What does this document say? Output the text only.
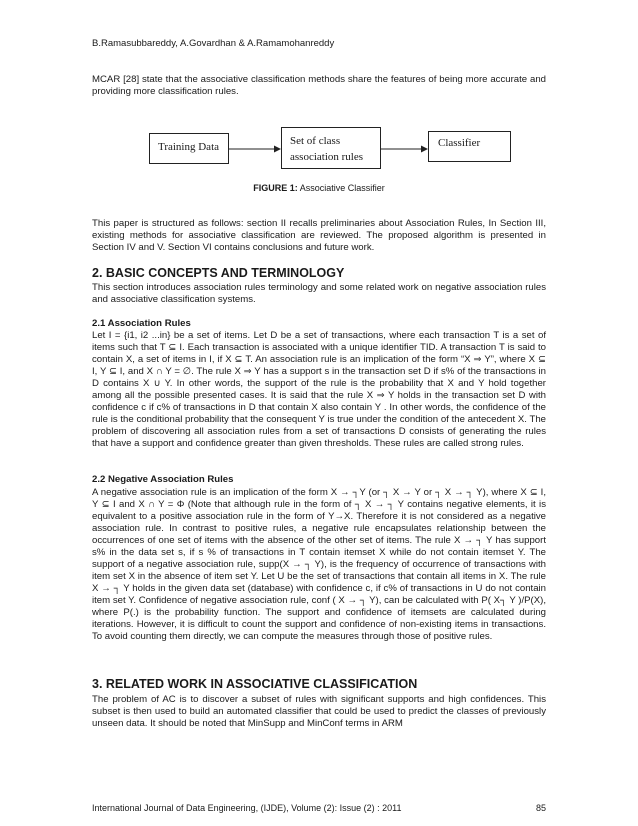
B.Ramasubbareddy, A.Govardhan & A.Ramamohanreddy

MCAR [28] state that the associative classification methods share the features of being more accurate and providing more classification rules.

Training Data	Set of class
association rules
Classifier
FIGURE 1: Associative Classifier

This paper is structured as follows: section II recalls preliminaries about Association Rules, In Section III, existing methods for associative classification are reviewed. The proposed algorithm is presented in Section IV and V. Section VI contains conclusions and future work.

2. BASIC CONCEPTS AND TERMINOLOGY

This section introduces association rules terminology and some related work on negative association rules and associative classification systems.

2.1 Association Rules

Let I = {i1, i2 ...in} be a set of items. Let D be a set of transactions, where each transaction T is a set of items such that T ⊆ I. Each transaction is associated with a unique identifier TID. A transaction T is said to contain X, a set of items in I, if X ⊆ T. An association rule is an implication of the form “X ⇒ Y”, where X ⊆ I, Y ⊆ I, and X ∩ Y = ∅. The rule X ⇒ Y has a support s in the transaction set D if s% of the transactions in D contains X ∪ Y. In other words, the support of the rule is the probability that X and Y hold together among all the possible presented cases. It is said that the rule X ⇒ Y holds in the transaction set D with confidence c if c% of transactions in D that contain X also contain Y . In other words, the confidence of the rule is the conditional probability that the consequent Y is true under the condition of the antecedent X. The problem of discovering all association rules from a set of transactions D consists of generating the rules that have a support and confidence greater than given thresholds. These rules are called strong rules.

2.2 Negative Association Rules

A negative association rule is an implication of the form X → ┐Y (or ┐ X → Y or ┐ X → ┐ Y), where X ⊆ I, Y ⊆ I and X ∩ Y = Φ (Note that although rule in the form of ┐ X → ┐ Y contains negative elements, it is equivalent to a positive association rule in the form of Y→X. Therefore it is not considered as a negative association rule. In contrast to positive rules, a negative rule encapsulates relationship between the occurrences of one set of items with the absence of the other set of items. The rule X → ┐ Y has support s% in the data set s, if s % of transactions in T contain itemset X while do not contain itemset Y. The support of a negative association rule, supp(X → ┐ Y), is the frequency of occurrence of transactions with item set X in the absence of item set Y. Let U be the set of transactions that contain all items in X. The rule X → ┐ Y holds in the given data set (database) with confidence c, if c% of transactions in U do not contain item set Y. Confidence of negative association rule, conf ( X → ┐ Y), can be calculated with P( X┐ Y )/P(X), where P(.) is the probability function. The support and confidence of itemsets are calculated during iterations. However, it is difficult to count the support and confidence of non-existing items in transactions. To avoid counting them directly, we can compute the measures through those of positive rules.

3. RELATED WORK IN ASSOCIATIVE CLASSIFICATION

The problem of AC is to discover a subset of rules with significant supports and high confidences. This subset is then used to build an automated classifier that could be used to predict the classes of previously unseen data. It should be noted that MinSupp and MinConf terms in ARM

International Journal of Data Engineering, (IJDE), Volume (2): Issue (2) : 2011	85
